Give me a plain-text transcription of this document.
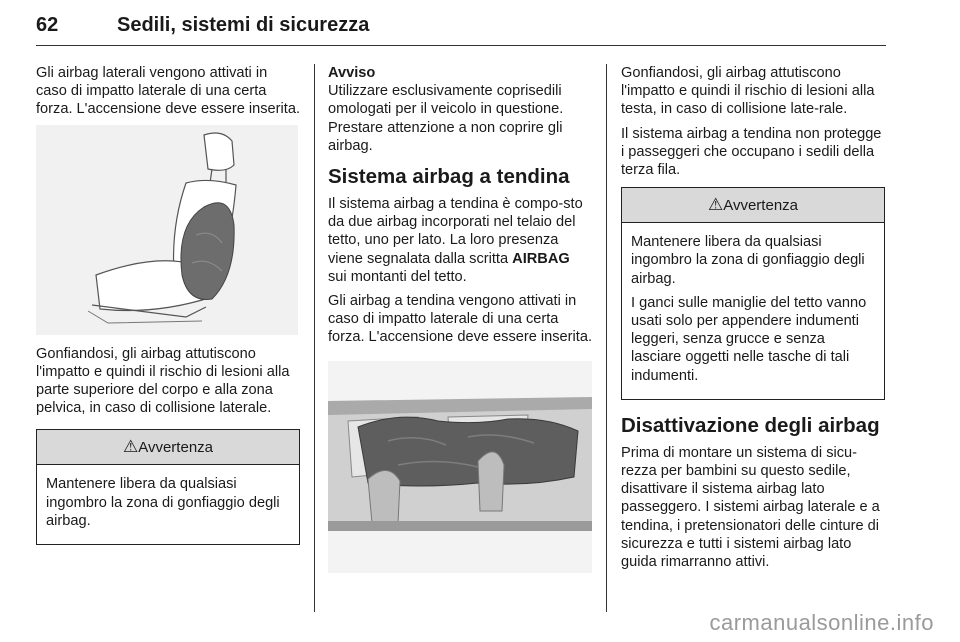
62	Sedili, sistemi di sicurezza

Gli airbag laterali vengono attivati in caso di impatto laterale di una certa forza. L'accensione deve essere inserita.

Gonfiandosi, gli airbag attutiscono l'impatto e quindi il rischio di lesioni alla parte superiore del corpo e alla zona pelvica, in caso di collisione laterale.

⚠Avvertenza

Mantenere libera da qualsiasi ingombro la zona di gonfiaggio degli airbag.

Avviso

Utilizzare esclusivamente coprisedili omologati per il veicolo in questione. Prestare attenzione a non coprire gli airbag.

Sistema airbag a tendina

Il sistema airbag a tendina è compo-sto da due airbag incorporati nel telaio del tetto, uno per lato. La loro presenza viene segnalata dalla scritta AIRBAG sui montanti del tetto.

Gli airbag a tendina vengono attivati in caso di impatto laterale di una certa forza. L'accensione deve essere inserita.

Gonfiandosi, gli airbag attutiscono l'impatto e quindi il rischio di lesioni alla testa, in caso di collisione late-rale.

Il sistema airbag a tendina non protegge i passeggeri che occupano i sedili della terza fila.

⚠Avvertenza

Mantenere libera da qualsiasi ingombro la zona di gonfiaggio degli airbag.

I ganci sulle maniglie del tetto vanno usati solo per appendere indumenti leggeri, senza grucce e senza lasciare oggetti nelle tasche di tali indumenti.

Disattivazione degli airbag

Prima di montare un sistema di sicu-rezza per bambini su questo sedile, disattivare il sistema airbag lato passeggero. I sistemi airbag laterale e a tendina, i pretensionatori delle cinture di sicurezza e tutti i sistemi airbag lato guida rimarranno attivi.

carmanualsonline.info
